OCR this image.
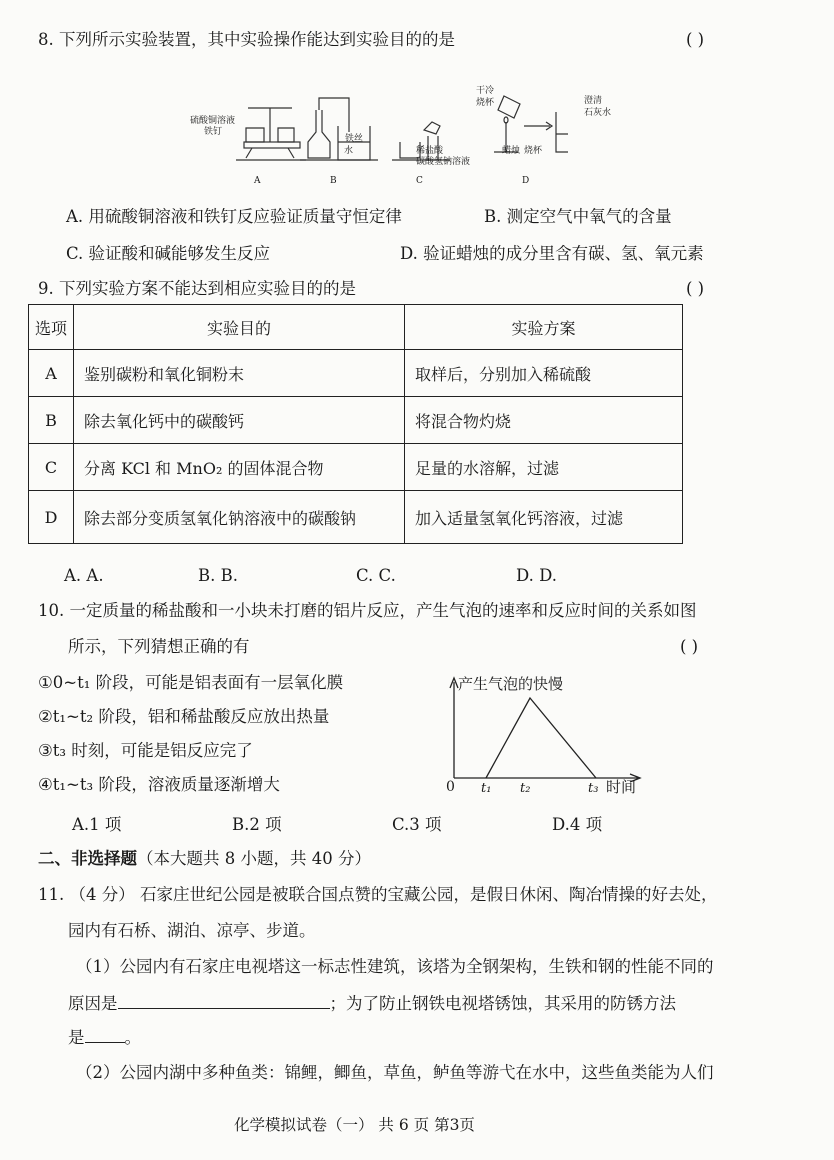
8. 下列所示实验装置，其中实验操作能达到实验目的的是	( )
硫酸铜溶液
铁钉
铁丝
水	稀盐酸
碳酸氢钠溶液
干冷
烧杯	澄清
石灰水
蜡烛 烧杯
A	B	C	D
A. 用硫酸铜溶液和铁钉反应验证质量守恒定律	B. 测定空气中氧气的含量
C. 验证酸和碱能够发生反应	D. 验证蜡烛的成分里含有碳、氢、氧元素
9. 下列实验方案不能达到相应实验目的的是	( )
选项	实验目的	实验方案
A	鉴别碳粉和氧化铜粉末	取样后，分别加入稀硫酸
B	除去氧化钙中的碳酸钙	将混合物灼烧
C	分离 KCl 和 MnO₂ 的固体混合物	足量的水溶解，过滤
D	除去部分变质氢氧化钠溶液中的碳酸钠	加入适量氢氧化钙溶液，过滤
A. A.	B. B.	C. C.	D. D.
10. 一定质量的稀盐酸和一小块未打磨的铝片反应，产生气泡的速率和反应时间的关系如图
所示，下列猜想正确的有	( )
①0~t₁ 阶段，可能是铝表面有一层氧化膜
②t₁~t₂ 阶段，铝和稀盐酸反应放出热量
③t₃ 时刻，可能是铝反应完了
④t₁~t₃ 阶段，溶液质量逐渐增大
产生气泡的快慢
0 t₁ t₂	t₃ 时间
A.1 项	B.2 项	C.3 项	D.4 项
二、非选择题（本大题共 8 小题，共 40 分）
11. （4 分） 石家庄世纪公园是被联合国点赞的宝藏公园，是假日休闲、陶冶情操的好去处，
园内有石桥、湖泊、凉亭、步道。
（1）公园内有石家庄电视塔这一标志性建筑，该塔为全钢架构，生铁和钢的性能不同的
原因是	；为了防止钢铁电视塔锈蚀，其采用的防锈方法
是 。
（2）公园内湖中多种鱼类：锦鲤，鲫鱼，草鱼，鲈鱼等游弋在水中，这些鱼类能为人们
化学模拟试卷（一） 共 6 页 第3页
